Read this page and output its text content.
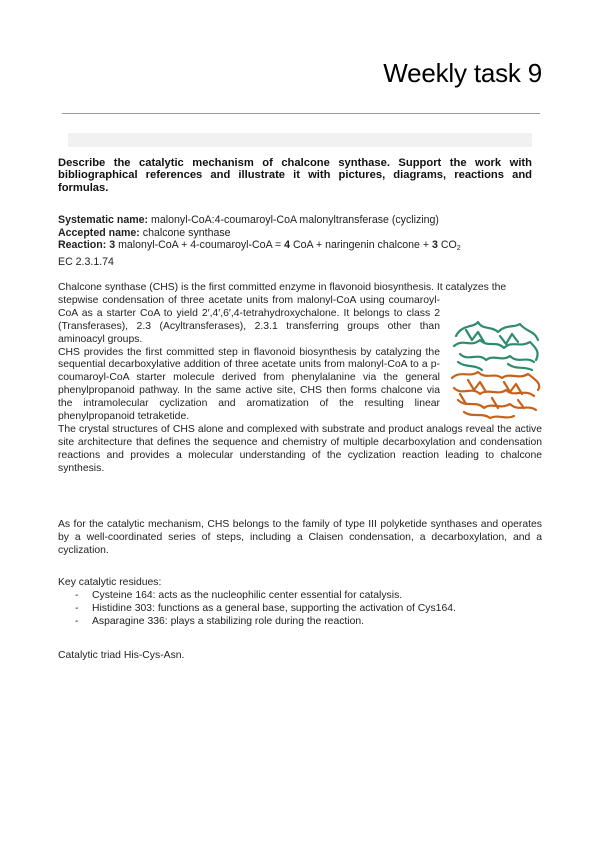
Weekly task 9

Describe the catalytic mechanism of chalcone synthase. Support the work with bibliographical references and illustrate it with pictures, diagrams, reactions and formulas.

Systematic name: malonyl-CoA:4-coumaroyl-CoA malonyltransferase (cyclizing)
Accepted name: chalcone synthase
Reaction: 3 malonyl-CoA + 4-coumaroyl-CoA = 4 CoA + naringenin chalcone + 3 $CO_2$
EC 2.3.1.74

Chalcone synthase (CHS) is the first committed enzyme in flavonoid biosynthesis. It catalyzes the

stepwise condensation of three acetate units from malonyl-CoA using coumaroyl-CoA as a starter CoA to yield 2′,4′,6′,4-tetrahydroxychalone. It belongs to class 2 (Transferases), 2.3 (Acyltransferases), 2.3.1 transferring groups other than aminoacyl groups.

CHS provides the first committed step in flavonoid biosynthesis by catalyzing the sequential decarboxylative addition of three acetate units from malonyl-CoA to a p-coumaroyl-CoA starter molecule derived from phenylalanine via the general phenylpropanoid pathway. In the same active site, CHS then forms chalcone via the intramolecular cyclization and aromatization of the resulting linear phenylpropanoid tetraketide.

The crystal structures of CHS alone and complexed with substrate and product analogs reveal the active site architecture that defines the sequence and chemistry of multiple decarboxylation and condensation reactions and provides a molecular understanding of the cyclization reaction leading to chalcone synthesis.

As for the catalytic mechanism, CHS belongs to the family of type III polyketide synthases and operates by a well-coordinated series of steps, including a Claisen condensation, a decarboxylation, and a cyclization.

Key catalytic residues:

- Cysteine 164: acts as the nucleophilic center essential for catalysis.
- Histidine 303: functions as a general base, supporting the activation of Cys164.
- Asparagine 336: plays a stabilizing role during the reaction.

Catalytic triad His-Cys-Asn.
